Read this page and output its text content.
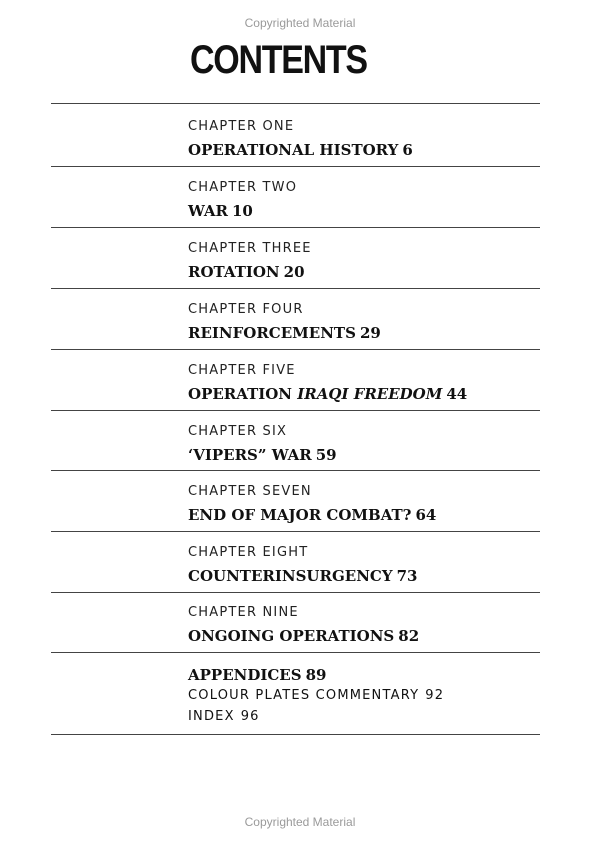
Copyrighted Material
CONTENTS
CHAPTER ONE
OPERATIONAL HISTORY 6
CHAPTER TWO
WAR 10
CHAPTER THREE
ROTATION 20
CHAPTER FOUR
REINFORCEMENTS 29
CHAPTER FIVE
OPERATION IRAQI FREEDOM 44
CHAPTER SIX
‘VIPERS” WAR 59
CHAPTER SEVEN
END OF MAJOR COMBAT? 64
CHAPTER EIGHT
COUNTERINSURGENCY 73
CHAPTER NINE
ONGOING OPERATIONS 82
APPENDICES 89
COLOUR PLATES COMMENTARY 92
INDEX 96
Copyrighted Material
